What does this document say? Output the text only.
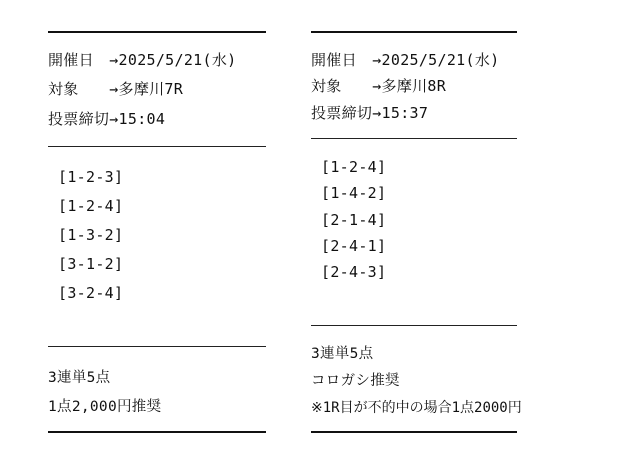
開催日　→2025/5/21(水)
対象　　→多摩川7R
投票締切→15:04
[1-2-3]
[1-2-4]
[1-3-2]
[3-1-2]
[3-2-4]
3連単5点
1点2,000円推奨
開催日　→2025/5/21(水)
対象　　→多摩川8R
投票締切→15:37
[1-2-4]
[1-4-2]
[2-1-4]
[2-4-1]
[2-4-3]
3連単5点
コロガシ推奨
※1R目が不的中の場合1点2000円
